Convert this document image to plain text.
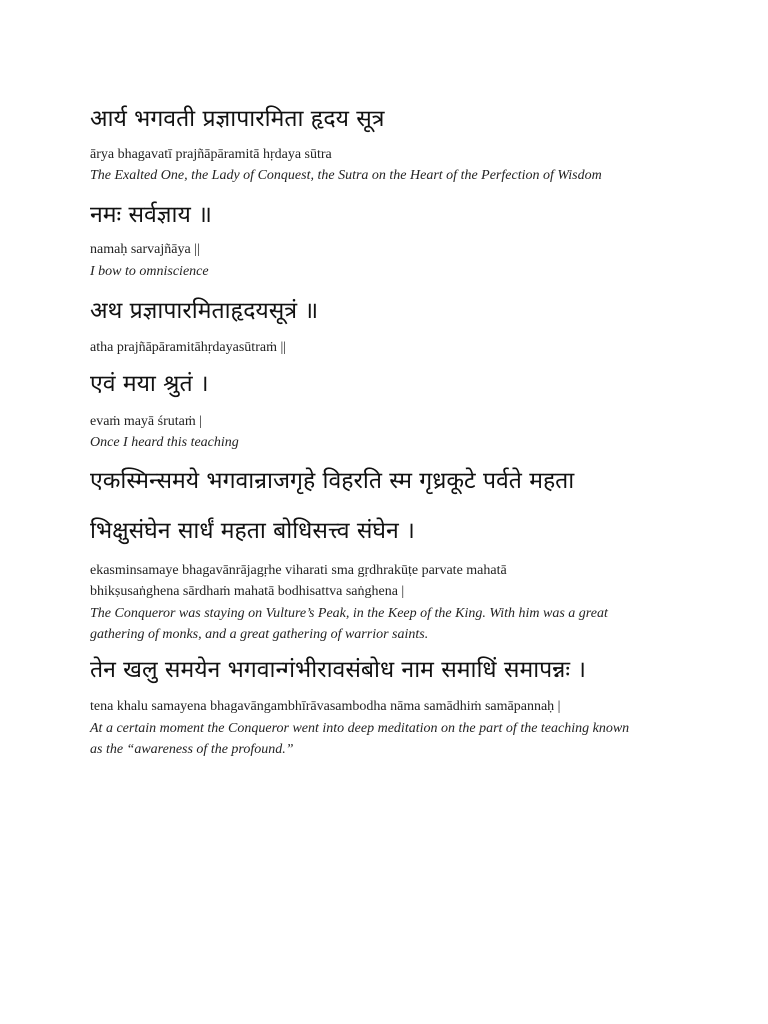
आर्य भगवती प्रज्ञापारमिता हृदय सूत्र
ārya bhagavatī prajñāpāramitā hṛdaya sūtra
The Exalted One, the Lady of Conquest, the Sutra on the Heart of the Perfection of Wisdom
नमः सर्वज्ञाय ॥
namaḥ sarvajñāya ||
I bow to omniscience
अथ प्रज्ञापारमिताहृदयसूत्रं ॥
atha prajñāpāramitāhṛdayasūtraṁ ||
एवं मया श्रुतं ।
evaṁ mayā śrutaṁ |
Once I heard this teaching
एकस्मिन्समये भगवान्राजगृहे विहरति स्म गृध्रकूटे पर्वते महता
भिक्षुसंघेन सार्धं महता बोधिसत्त्व संघेन ।
ekasminsamaye bhagavānrājagṛhe viharati sma gṛdhrakūṭe parvate mahatā
bhikṣusaṅghena sārdhaṁ mahatā bodhisattva saṅghena |
The Conqueror was staying on Vulture’s Peak, in the Keep of the King. With him was a great
gathering of monks, and a great gathering of warrior saints.
तेन खलु समयेन भगवान्गंभीरावसंबोध नाम समाधिं समापन्नः ।
tena khalu samayena bhagavāngambhīrāvasambodha nāma samādhiṁ samāpannaḥ |
At a certain moment the Conqueror went into deep meditation on the part of the teaching known
as the “awareness of the profound.”
